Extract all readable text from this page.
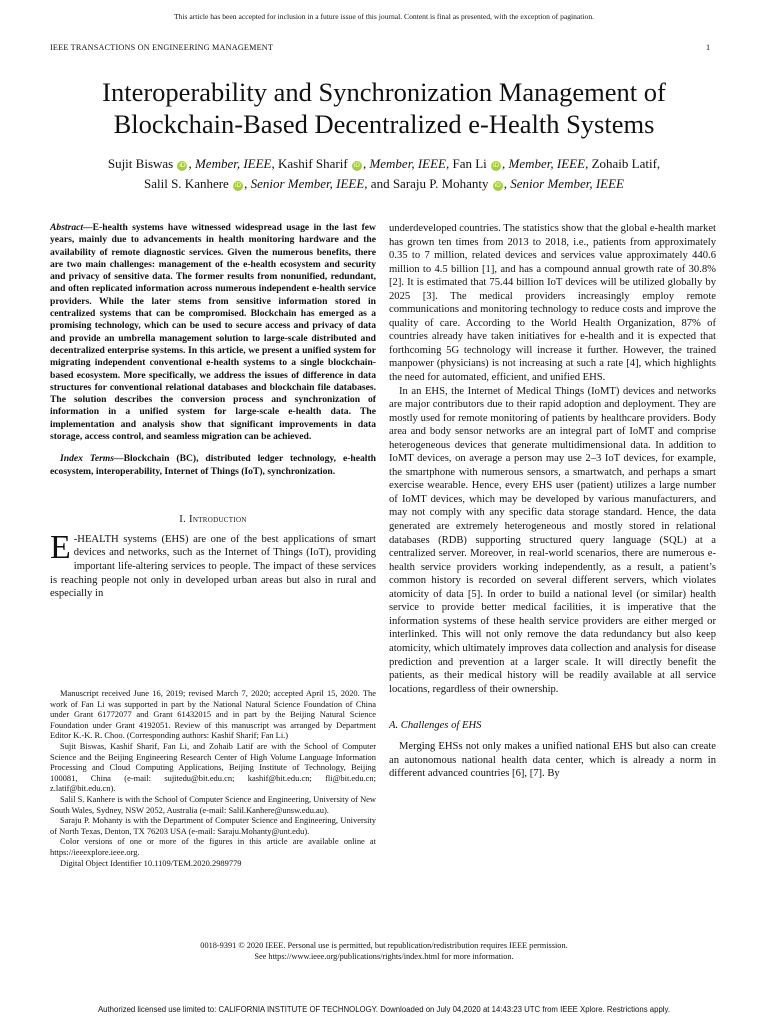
This article has been accepted for inclusion in a future issue of this journal. Content is final as presented, with the exception of pagination.
IEEE TRANSACTIONS ON ENGINEERING MANAGEMENT	1
Interoperability and Synchronization Management of
Blockchain-Based Decentralized e-Health Systems
Sujit Biswas iD , Member, IEEE, Kashif Sharif iD , Member, IEEE, Fan Li iD , Member, IEEE, Zohaib Latif,
Salil S. Kanhere iD , Senior Member, IEEE, and Saraju P. Mohanty iD , Senior Member, IEEE

Abstract—E-health systems have witnessed widespread usage in the last few years, mainly due to advancements in health monitoring hardware and the availability of remote diagnostic services. Given the numerous benefits, there are two main challenges: management of the e-health ecosystem and security and privacy of sensitive data. The former results from nonunified, redundant, and often replicated information across numerous independent e-health service providers. While the later stems from sensitive information stored in centralized systems that can be compromised. Blockchain has emerged as a promising technology, which can be used to secure access and privacy of data and provide an umbrella management solution to large-scale distributed and decentralized enterprise systems. In this article, we present a unified system for migrating independent conventional e-health systems to a single blockchain-based ecosystem. More specifically, we address the issues of difference in data structures for conventional relational databases and blockchain file databases. The solution describes the conversion process and synchronization of information in a unified system for large-scale e-health data. The implementation and analysis show that significant improvements in data storage, access control, and seamless migration can be achieved.

Index Terms—Blockchain (BC), distributed ledger technology, e-health ecosystem, interoperability, Internet of Things (IoT), synchronization.

I. Introduction

E -HEALTH systems (EHS) are one of the best applications of smart devices and networks, such as the Internet of Things (IoT), providing important life-altering services to people. The impact of these services is reaching people not only in developed urban areas but also in rural and especially in

Manuscript received June 16, 2019; revised March 7, 2020; accepted April 15, 2020. The work of Fan Li was supported in part by the National Natural Science Foundation of China under Grant 61772077 and Grant 61432015 and in part by the Beijing Natural Science Foundation under Grant 4192051. Review of this manuscript was arranged by Department Editor K.-K. R. Choo. (Corresponding authors: Kashif Sharif; Fan Li.)

Sujit Biswas, Kashif Sharif, Fan Li, and Zohaib Latif are with the School of Computer Science and the Beijing Engineering Research Center of High Volume Language Information Processing and Cloud Computing Applications, Beijing Institute of Technology, Beijing 100081, China (e-mail: sujitedu@bit.edu.cn; kashif@bit.edu.cn; fli@bit.edu.cn; z.latif@bit.edu.cn).

Salil S. Kanhere is with the School of Computer Science and Engineering, University of New South Wales, Sydney, NSW 2052, Australia (e-mail: Salil.Kanhere@unsw.edu.au).

Saraju P. Mohanty is with the Department of Computer Science and Engineering, University of North Texas, Denton, TX 76203 USA (e-mail: Saraju.Mohanty@unt.edu).

Color versions of one or more of the figures in this article are available online at https://ieeexplore.ieee.org.

Digital Object Identifier 10.1109/TEM.2020.2989779

underdeveloped countries. The statistics show that the global e-health market has grown ten times from 2013 to 2018, i.e., patients from approximately 0.35 to 7 million, related devices and services value approximately 440.6 million to 4.5 billion [1], and has a compound annual growth rate of 30.8% [2]. It is estimated that 75.44 billion IoT devices will be utilized globally by 2025 [3]. The medical providers increasingly employ remote communications and monitoring technology to reduce costs and improve the quality of care. According to the World Health Organization, 87% of countries already have taken initiatives for e-health and it is expected that forthcoming 5G technology will increase it further. However, the trained manpower (physicians) is not increasing at such a rate [4], which highlights the need for automated, efficient, and unified EHS.

In an EHS, the Internet of Medical Things (IoMT) devices and networks are major contributors due to their rapid adoption and deployment. They are mostly used for remote monitoring of patients by healthcare providers. Body area and body sensor networks are an integral part of IoMT and comprise heterogeneous devices that generate multidimensional data. In addition to IoMT devices, on average a person may use 2–3 IoT devices, for example, the smartphone with numerous sensors, a smartwatch, and perhaps a smart exercise wearable. Hence, every EHS user (patient) utilizes a large number of IoMT devices, which may be developed by various manufacturers, and may not comply with any specific data storage standard. Hence, the data generated are extremely heterogeneous and mostly stored in relational databases (RDB) supporting structured query language (SQL) at a centralized server. Moreover, in real-world scenarios, there are numerous e-health service providers working independently, as a result, a patient’s common history is recorded on several different servers, which violates atomicity of data [5]. In order to build a national level (or similar) health service to provide better medical facilities, it is imperative that the information systems of these health service providers are either merged or interlinked. This will not only remove the data redundancy but also keep atomicity, which ultimately improves data collection and analysis for disease prediction and prevention at a larger scale. It will directly benefit the patients, as their medical history will be readily available at all service locations, regardless of their ownership.

A. Challenges of EHS

Merging EHSs not only makes a unified national EHS but also can create an autonomous national health data center, which is already a norm in different advanced countries [6], [7]. By

0018-9391 © 2020 IEEE. Personal use is permitted, but republication/redistribution requires IEEE permission.
See https://www.ieee.org/publications/rights/index.html for more information.
Authorized licensed use limited to: CALIFORNIA INSTITUTE OF TECHNOLOGY. Downloaded on July 04,2020 at 14:43:23 UTC from IEEE Xplore. Restrictions apply.
